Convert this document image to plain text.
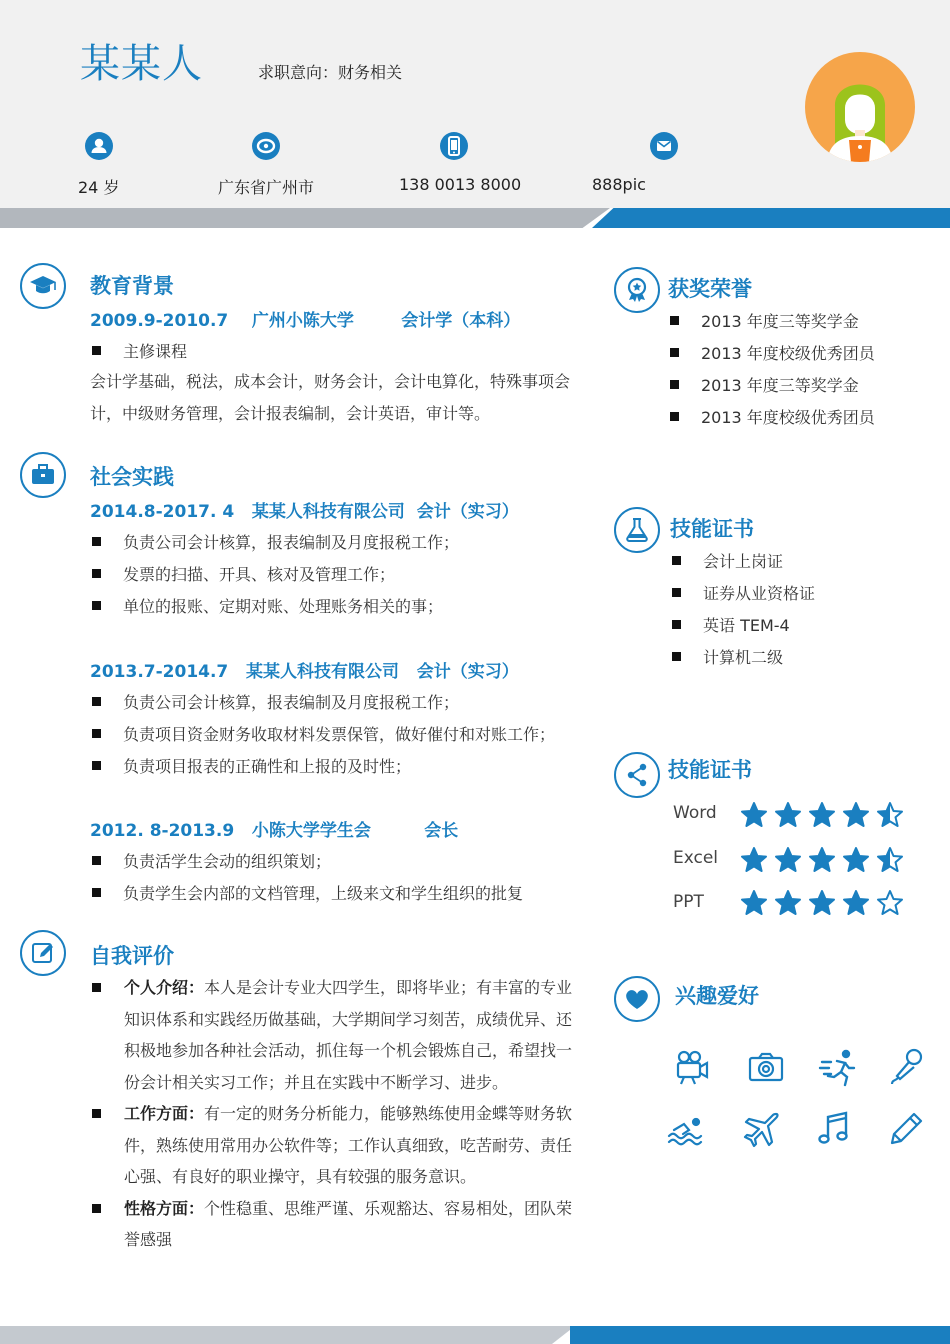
某某人	求职意向：财务相关
24 岁	广东省广州市	138 0013 8000	888pic
教育背景
2009.9-2010.7    广州小陈大学        会计学（本科）
主修课程
会计学基础，税法，成本会计，财务会计，会计电算化，特殊事项会计，中级财务管理，会计报表编制，会计英语，审计等。
社会实践
2014.8-2017. 4   某某人科技有限公司  会计（实习）
负责公司会计核算，报表编制及月度报税工作；
发票的扫描、开具、核对及管理工作；
单位的报账、定期对账、处理账务相关的事；
2013.7-2014.7   某某人科技有限公司   会计（实习）
负责公司会计核算，报表编制及月度报税工作；
负责项目资金财务收取材料发票保管，做好催付和对账工作；
负责项目报表的正确性和上报的及时性；
2012. 8-2013.9   小陈大学学生会         会长
负责活学生会动的组织策划；
负责学生会内部的文档管理，上级来文和学生组织的批复
自我评价
个人介绍：本人是会计专业大四学生，即将毕业；有丰富的专业知识体系和实践经历做基础，大学期间学习刻苦，成绩优异、还积极地参加各种社会活动，抓住每一个机会锻炼自己，希望找一份会计相关实习工作；并且在实践中不断学习、进步。
工作方面：有一定的财务分析能力，能够熟练使用金蝶等财务软件，熟练使用常用办公软件等；工作认真细致，吃苦耐劳、责任心强、有良好的职业操守，具有较强的服务意识。
性格方面：个性稳重、思维严谨、乐观豁达、容易相处，团队荣誉感强
获奖荣誉
2013 年度三等奖学金
2013 年度校级优秀团员
2013 年度三等奖学金
2013 年度校级优秀团员
技能证书
会计上岗证
证券从业资格证
英语 TEM-4
计算机二级
技能证书
Word
Excel
PPT
兴趣爱好
